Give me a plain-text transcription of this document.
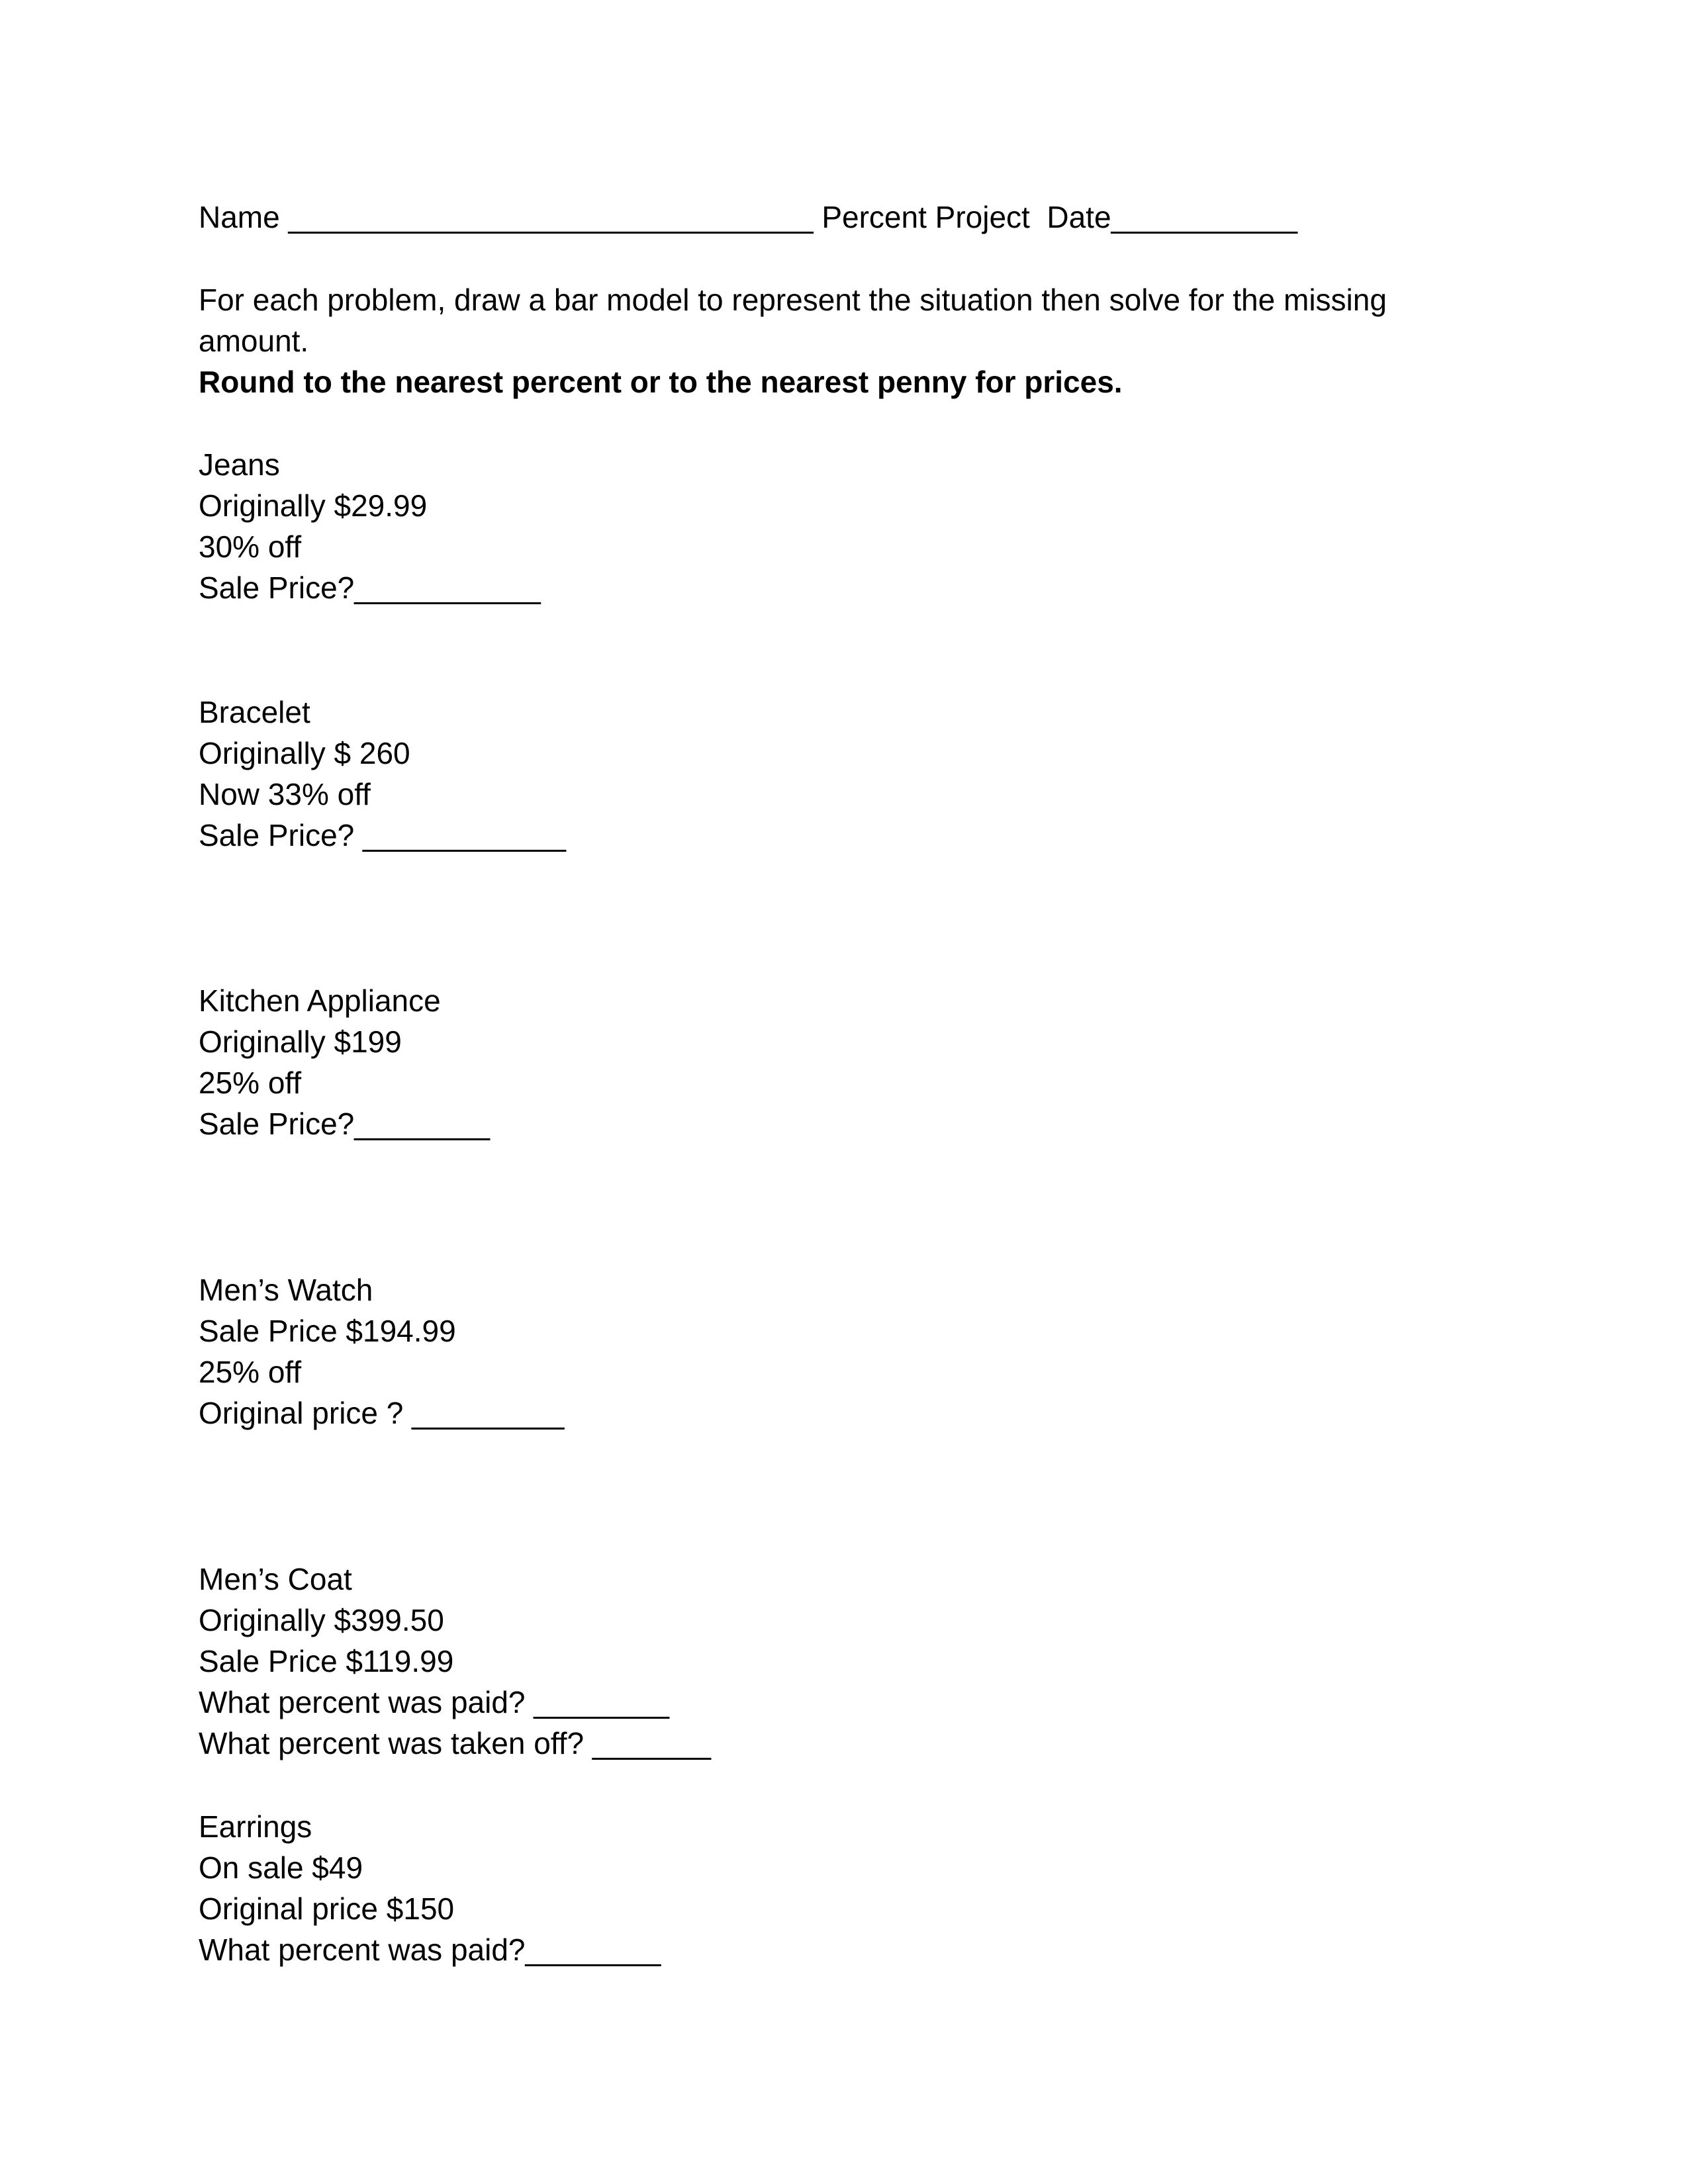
Name _______________________________ Percent Project  Date___________

For each problem, draw a bar model to represent the situation then solve for the missing

amount.

Round to the nearest percent or to the nearest penny for prices.

Jeans

Originally $29.99

30% off

Sale Price?___________

Bracelet

Originally $ 260

Now 33% off

Sale Price? ____________

Kitchen Appliance

Originally $199

25% off

Sale Price?________

Men’s Watch

Sale Price $194.99

25% off

Original price ? _________

Men’s Coat

Originally $399.50

Sale Price $119.99

What percent was paid? ________

What percent was taken off? _______

Earrings

On sale $49

Original price $150

What percent was paid?________
